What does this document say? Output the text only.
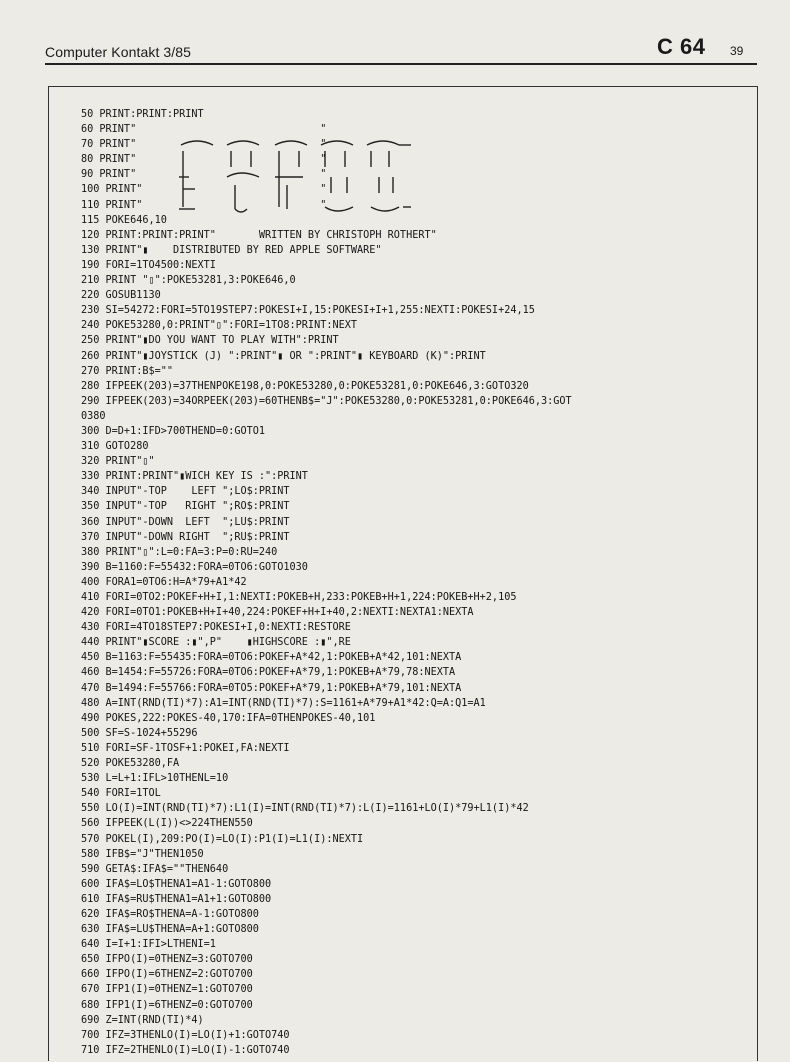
Computer Kontakt 3/85	C 64 39
50 PRINT:PRINT:PRINT
60 PRINT"                              "
70 PRINT"                              "
80 PRINT"                              "
90 PRINT"                              "
100 PRINT"                             "
110 PRINT"                             "
115 POKE646,10
120 PRINT:PRINT:PRINT"       WRITTEN BY CHRISTOPH ROTHERT"
130 PRINT"▮    DISTRIBUTED BY RED APPLE SOFTWARE"
190 FORI=1TO4500:NEXTI
210 PRINT "▯":POKE53281,3:POKE646,0
220 GOSUB1130
230 SI=54272:FORI=5TO19STEP7:POKESI+I,15:POKESI+I+1,255:NEXTI:POKESI+24,15
240 POKE53280,0:PRINT"▯":FORI=1TO8:PRINT:NEXT
250 PRINT"▮DO YOU WANT TO PLAY WITH":PRINT
260 PRINT"▮JOYSTICK (J) ":PRINT"▮ OR ":PRINT"▮ KEYBOARD (K)":PRINT
270 PRINT:B$=""
280 IFPEEK(203)=37THENPOKE198,0:POKE53280,0:POKE53281,0:POKE646,3:GOTO320
290 IFPEEK(203)=34ORPEEK(203)=60THENB$="J":POKE53280,0:POKE53281,0:POKE646,3:GOT
0380
300 D=D+1:IFD>700THEND=0:GOTO1
310 GOTO280
320 PRINT"▯"
330 PRINT:PRINT"▮WICH KEY IS :":PRINT
340 INPUT"-TOP    LEFT ";LO$:PRINT
350 INPUT"-TOP   RIGHT ";RO$:PRINT
360 INPUT"-DOWN  LEFT  ";LU$:PRINT
370 INPUT"-DOWN RIGHT  ";RU$:PRINT
380 PRINT"▯":L=0:FA=3:P=0:RU=240
390 B=1160:F=55432:FORA=0TO6:GOTO1030
400 FORA1=0TO6:H=A*79+A1*42
410 FORI=0TO2:POKEF+H+I,1:NEXTI:POKEB+H,233:POKEB+H+1,224:POKEB+H+2,105
420 FORI=0TO1:POKEB+H+I+40,224:POKEF+H+I+40,2:NEXTI:NEXTA1:NEXTA
430 FORI=4TO18STEP7:POKESI+I,0:NEXTI:RESTORE
440 PRINT"▮SCORE :▮",P"    ▮HIGHSCORE :▮",RE
450 B=1163:F=55435:FORA=0TO6:POKEF+A*42,1:POKEB+A*42,101:NEXTA
460 B=1454:F=55726:FORA=0TO6:POKEF+A*79,1:POKEB+A*79,78:NEXTA
470 B=1494:F=55766:FORA=0TO5:POKEF+A*79,1:POKEB+A*79,101:NEXTA
480 A=INT(RND(TI)*7):A1=INT(RND(TI)*7):S=1161+A*79+A1*42:Q=A:Q1=A1
490 POKES,222:POKES-40,170:IFA=0THENPOKES-40,101
500 SF=S-1024+55296
510 FORI=SF-1TOSF+1:POKEI,FA:NEXTI
520 POKE53280,FA
530 L=L+1:IFL>10THENL=10
540 FORI=1TOL
550 LO(I)=INT(RND(TI)*7):L1(I)=INT(RND(TI)*7):L(I)=1161+LO(I)*79+L1(I)*42
560 IFPEEK(L(I))<>224THEN550
570 POKEL(I),209:PO(I)=LO(I):P1(I)=L1(I):NEXTI
580 IFB$="J"THEN1050
590 GETA$:IFA$=""THEN640
600 IFA$=LO$THENA1=A1-1:GOTO800
610 IFA$=RU$THENA1=A1+1:GOTO800
620 IFA$=RO$THENA=A-1:GOTO800
630 IFA$=LU$THENA=A+1:GOTO800
640 I=I+1:IFI>LTHENI=1
650 IFPO(I)=0THENZ=3:GOTO700
660 IFPO(I)=6THENZ=2:GOTO700
670 IFP1(I)=0THENZ=1:GOTO700
680 IFP1(I)=6THENZ=0:GOTO700
690 Z=INT(RND(TI)*4)
700 IFZ=3THENLO(I)=LO(I)+1:GOTO740
710 IFZ=2THENLO(I)=LO(I)-1:GOTO740
